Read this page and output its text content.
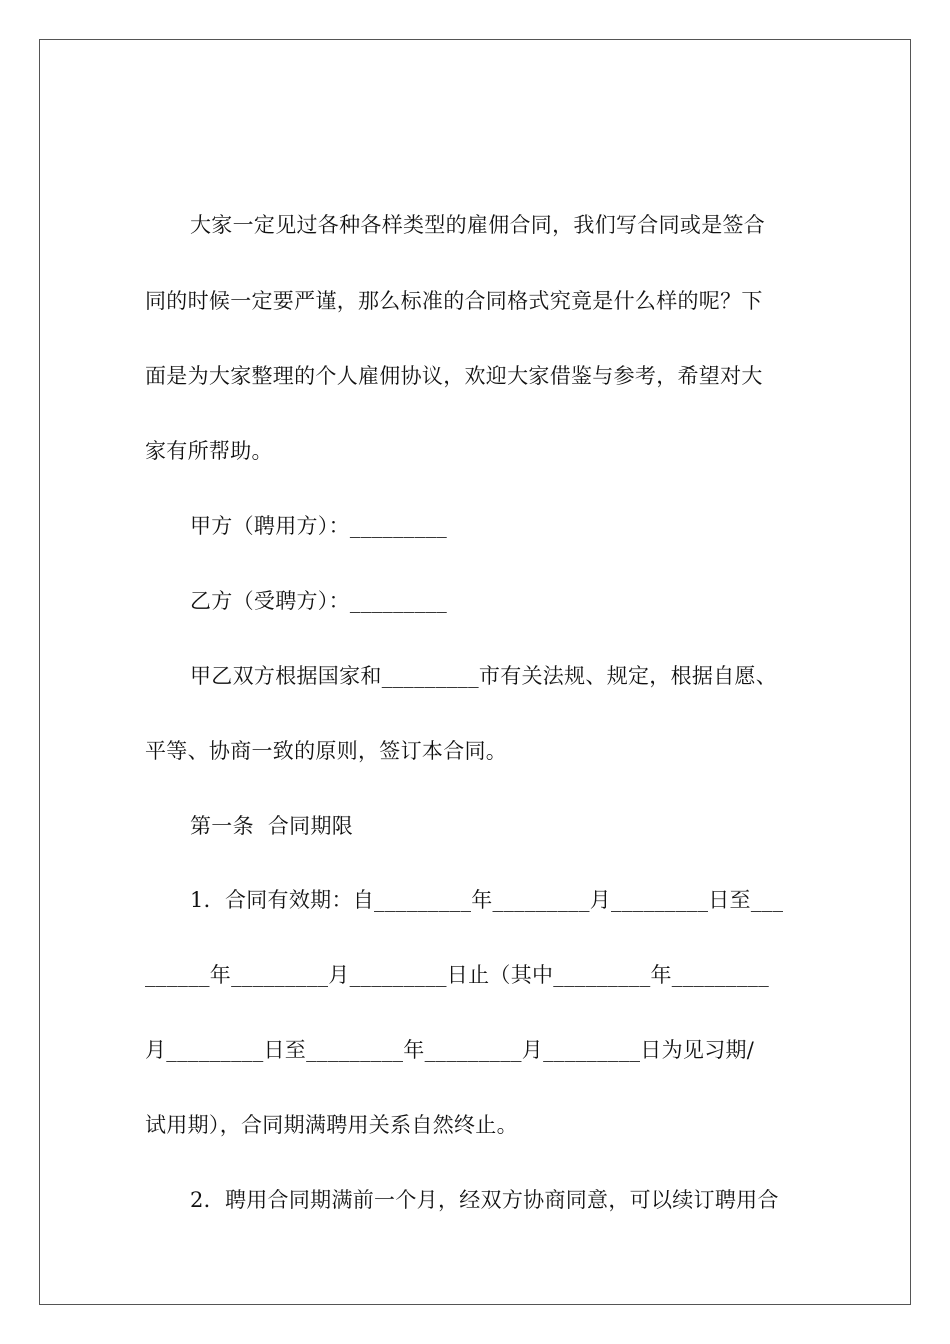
大家一定见过各种各样类型的雇佣合同，我们写合同或是签合
同的时候一定要严谨，那么标准的合同格式究竟是什么样的呢？下
面是为大家整理的个人雇佣协议，欢迎大家借鉴与参考，希望对大
家有所帮助。
甲方（聘用方）：_________
乙方（受聘方）：_________
甲乙双方根据国家和_________市有关法规、规定，根据自愿、
平等、协商一致的原则，签订本合同。
第一条  合同期限
1．合同有效期：自_________年_________月_________日至___
______年_________月_________日止（其中_________年_________
月_________日至_________年_________月_________日为见习期/
试用期），合同期满聘用关系自然终止。
2．聘用合同期满前一个月，经双方协商同意，可以续订聘用合
